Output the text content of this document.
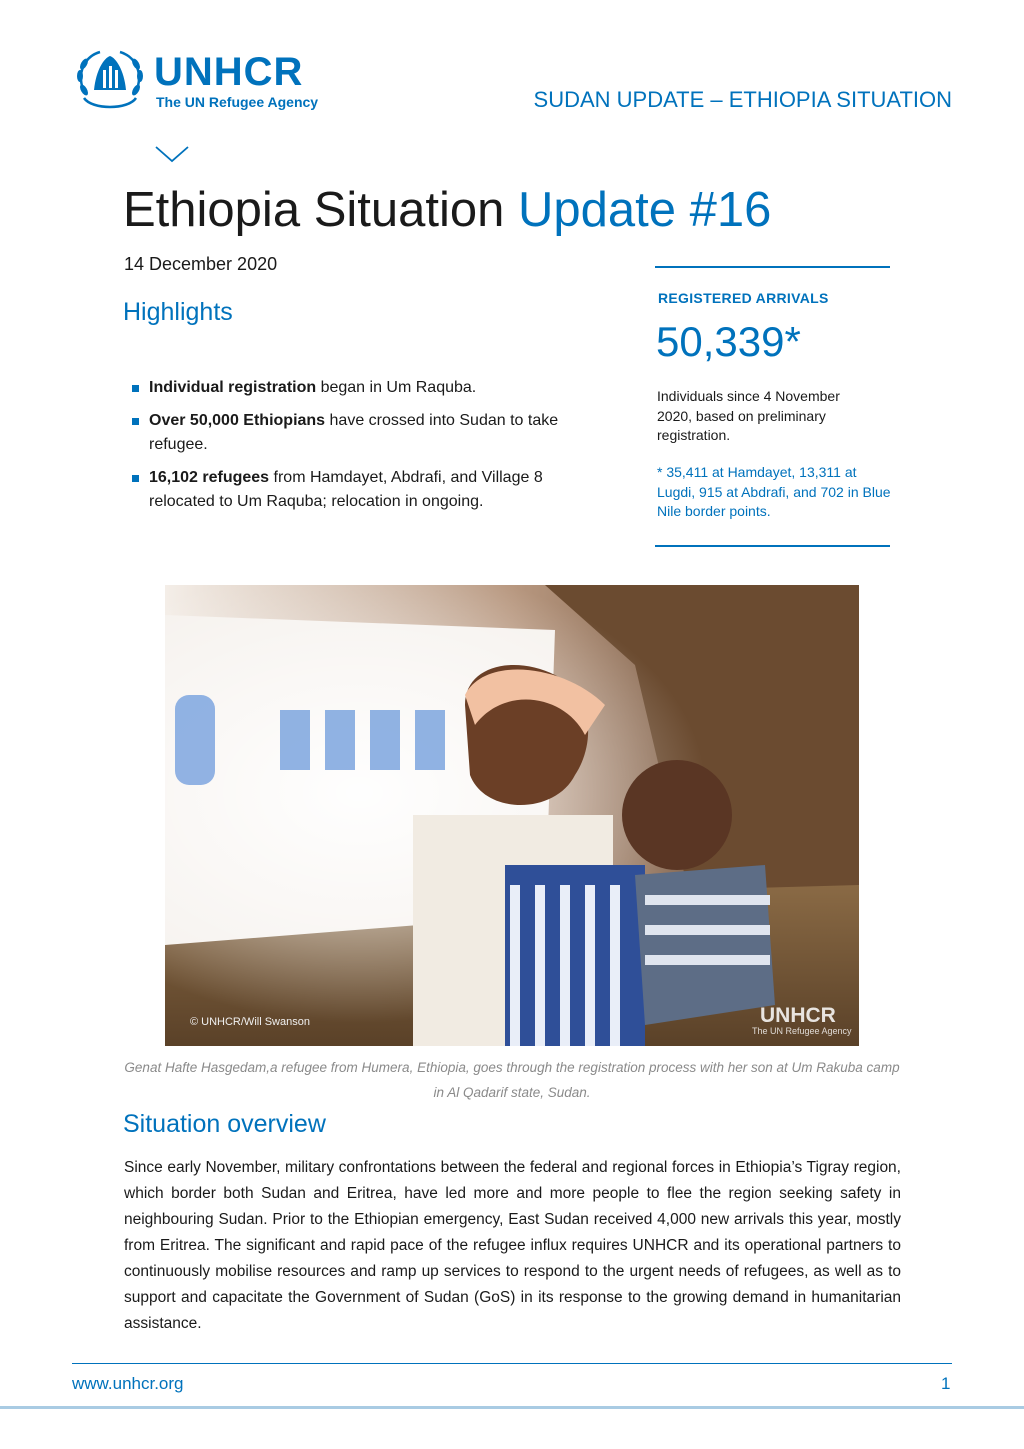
UNHCR
The UN Refugee Agency	SUDAN UPDATE – ETHIOPIA SITUATION
Ethiopia Situation Update #16
14 December 2020
Highlights
Individual registration began in Um Raquba.
Over 50,000 Ethiopians have crossed into Sudan to take refugee.
16,102 refugees from Hamdayet, Abdrafi, and Village 8 relocated to Um Raquba; relocation in ongoing.
REGISTERED ARRIVALS
50,339*
Individuals since 4 November 2020, based on preliminary registration.
* 35,411 at Hamdayet, 13,311 at Lugdi, 915 at Abdrafi, and 702 in Blue Nile border points.
© UNHCR/Will Swanson	UNHCR
The UN Refugee Agency
Genat Hafte Hasgedam,a refugee from Humera, Ethiopia, goes through the registration process with her son at Um Rakuba camp in Al Qadarif state, Sudan.
Situation overview
Since early November, military confrontations between the federal and regional forces in Ethiopia’s Tigray region, which border both Sudan and Eritrea, have led more and more people to flee the region seeking safety in neighbouring Sudan. Prior to the Ethiopian emergency, East Sudan received 4,000 new arrivals this year, mostly from Eritrea. The significant and rapid pace of the refugee influx requires UNHCR and its operational partners to continuously mobilise resources and ramp up services to respond to the urgent needs of refugees, as well as to support and capacitate the Government of Sudan (GoS) in its response to the growing demand in humanitarian assistance.
www.unhcr.org	1
